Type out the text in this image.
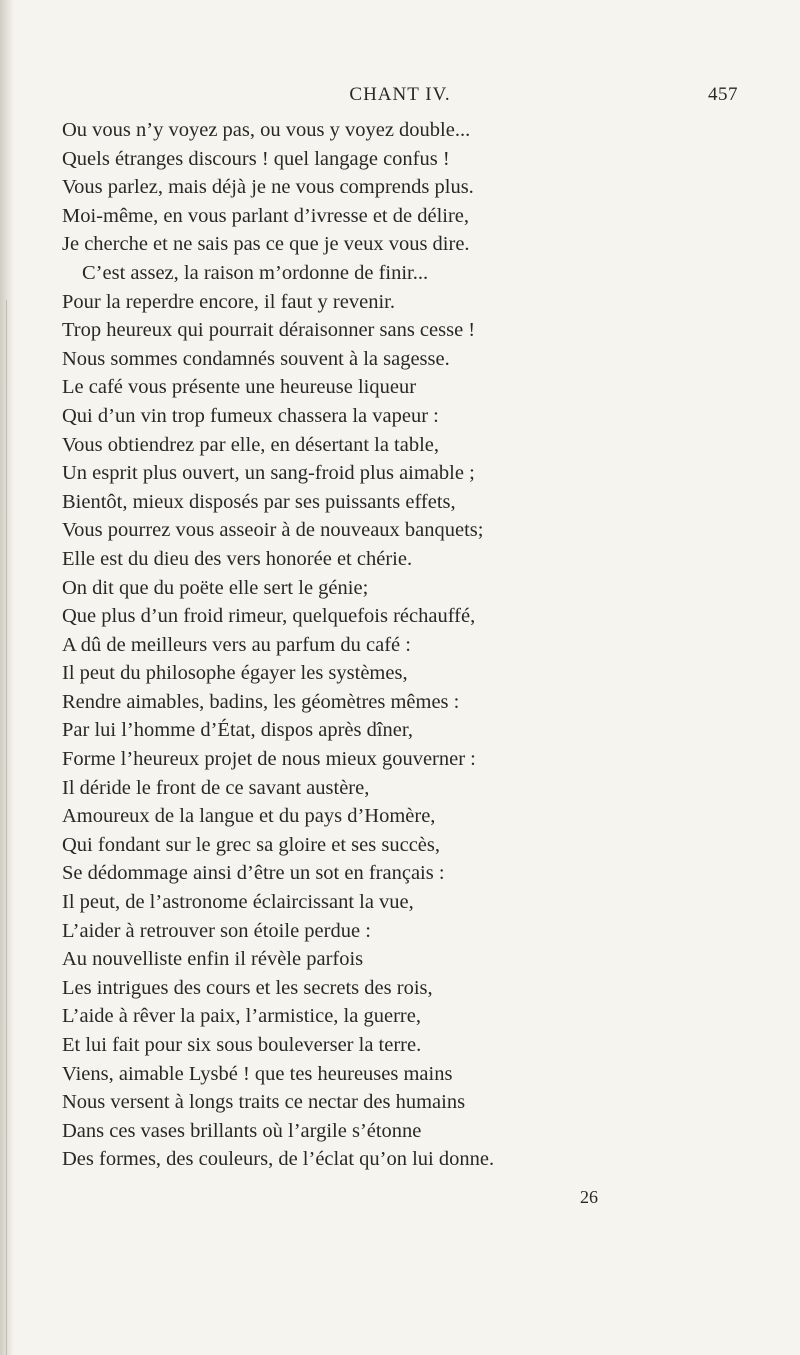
CHANT IV.	457
Ou vous n’y voyez pas, ou vous y voyez double...
Quels étranges discours ! quel langage confus !
Vous parlez, mais déjà je ne vous comprends plus.
Moi-même, en vous parlant d’ivresse et de délire,
Je cherche et ne sais pas ce que je veux vous dire.
C’est assez, la raison m’ordonne de finir...
Pour la reperdre encore, il faut y revenir.
Trop heureux qui pourrait déraisonner sans cesse !
Nous sommes condamnés souvent à la sagesse.
Le café vous présente une heureuse liqueur
Qui d’un vin trop fumeux chassera la vapeur :
Vous obtiendrez par elle, en désertant la table,
Un esprit plus ouvert, un sang-froid plus aimable ;
Bientôt, mieux disposés par ses puissants effets,
Vous pourrez vous asseoir à de nouveaux banquets;
Elle est du dieu des vers honorée et chérie.
On dit que du poëte elle sert le génie;
Que plus d’un froid rimeur, quelquefois réchauffé,
A dû de meilleurs vers au parfum du café :
Il peut du philosophe égayer les systèmes,
Rendre aimables, badins, les géomètres mêmes :
Par lui l’homme d’État, dispos après dîner,
Forme l’heureux projet de nous mieux gouverner :
Il déride le front de ce savant austère,
Amoureux de la langue et du pays d’Homère,
Qui fondant sur le grec sa gloire et ses succès,
Se dédommage ainsi d’être un sot en français :
Il peut, de l’astronome éclaircissant la vue,
L’aider à retrouver son étoile perdue :
Au nouvelliste enfin il révèle parfois
Les intrigues des cours et les secrets des rois,
L’aide à rêver la paix, l’armistice, la guerre,
Et lui fait pour six sous bouleverser la terre.
Viens, aimable Lysbé ! que tes heureuses mains
Nous versent à longs traits ce nectar des humains
Dans ces vases brillants où l’argile s’étonne
Des formes, des couleurs, de l’éclat qu’on lui donne.
26
